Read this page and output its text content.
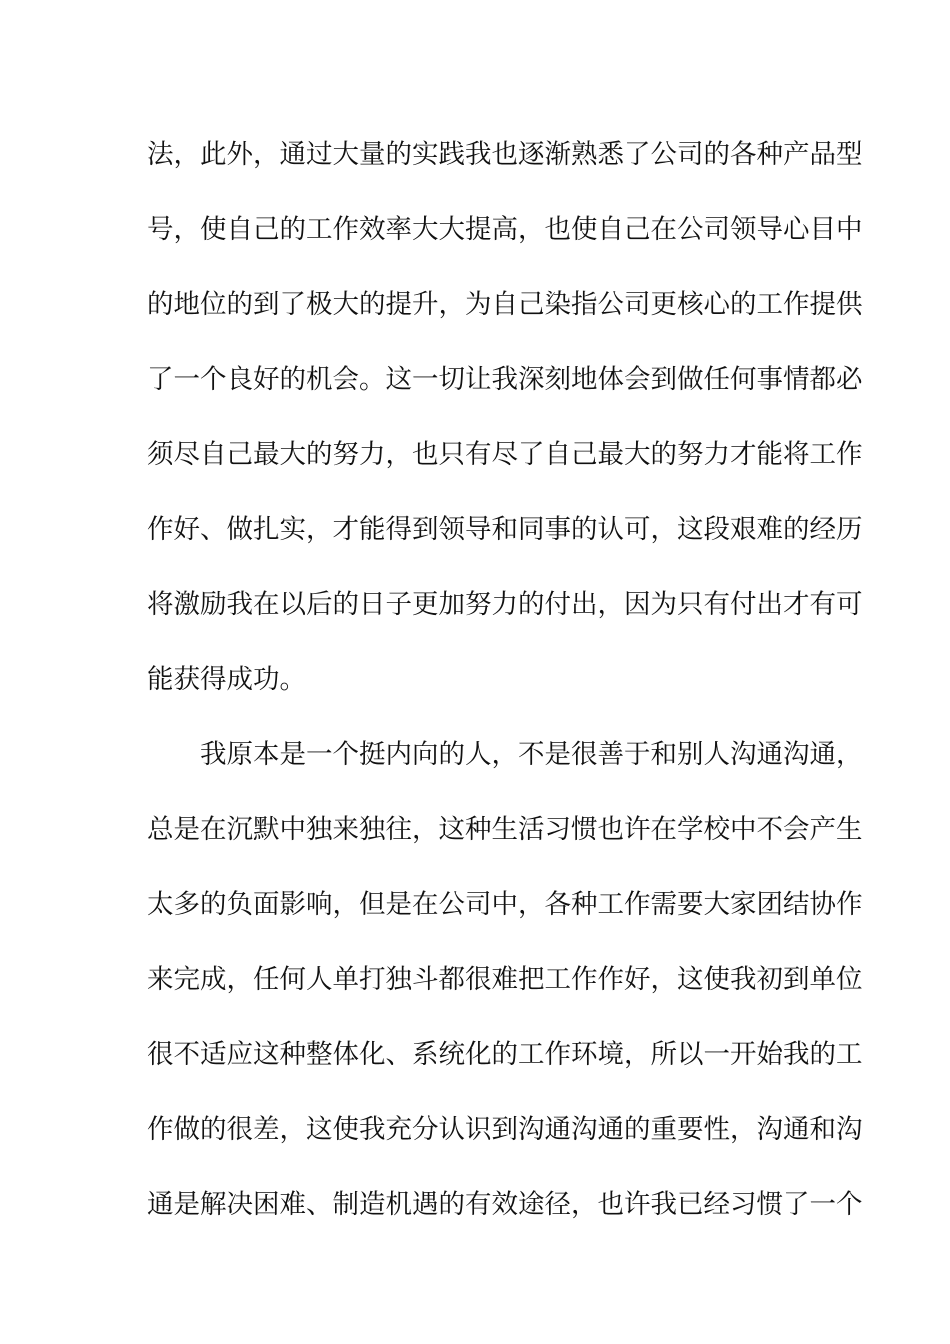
法，此外，通过大量的实践我也逐渐熟悉了公司的各种产品型
号，使自己的工作效率大大提高，也使自己在公司领导心目中
的地位的到了极大的提升，为自己染指公司更核心的工作提供
了一个良好的机会。这一切让我深刻地体会到做任何事情都必
须尽自己最大的努力，也只有尽了自己最大的努力才能将工作
作好、做扎实，才能得到领导和同事的认可，这段艰难的经历
将激励我在以后的日子更加努力的付出，因为只有付出才有可
能获得成功。
我原本是一个挺内向的人，不是很善于和别人沟通沟通，
总是在沉默中独来独往，这种生活习惯也许在学校中不会产生
太多的负面影响，但是在公司中，各种工作需要大家团结协作
来完成，任何人单打独斗都很难把工作作好，这使我初到单位
很不适应这种整体化、系统化的工作环境，所以一开始我的工
作做的很差，这使我充分认识到沟通沟通的重要性，沟通和沟
通是解决困难、制造机遇的有效途径，也许我已经习惯了一个
